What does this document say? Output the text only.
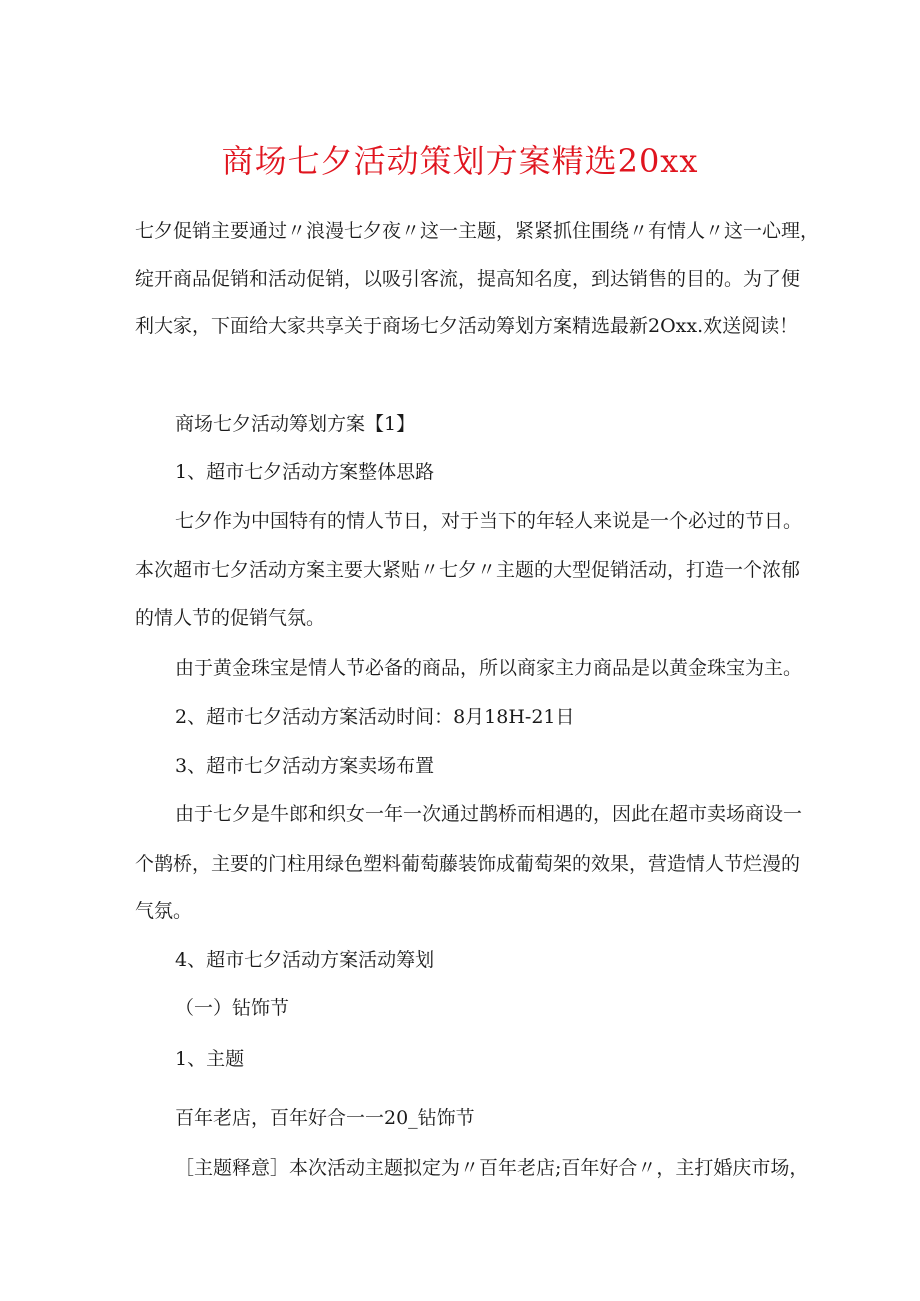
商场七夕活动策划方案精选20xx
七夕促销主要通过〃浪漫七夕夜〃这一主题，紧紧抓住围绕〃有情人〃这一心理，
绽开商品促销和活动促销，以吸引客流，提高知名度，到达销售的目的。为了便
利大家，下面给大家共享关于商场七夕活动筹划方案精选最新2Oxx.欢送阅读！
商场七夕活动筹划方案【1】
1、超市七夕活动方案整体思路
七夕作为中国特有的情人节日，对于当下的年轻人来说是一个必过的节日。
本次超市七夕活动方案主要大紧贴〃七夕〃主题的大型促销活动，打造一个浓郁
的情人节的促销气氛。
由于黄金珠宝是情人节必备的商品，所以商家主力商品是以黄金珠宝为主。
2、超市七夕活动方案活动时间：8月18H-21日
3、超市七夕活动方案卖场布置
由于七夕是牛郎和织女一年一次通过鹊桥而相遇的，因此在超市卖场商设一
个鹊桥，主要的门柱用绿色塑料葡萄藤装饰成葡萄架的效果，营造情人节烂漫的
气氛。
4、超市七夕活动方案活动筹划
（一）钻饰节
1、主题
百年老店，百年好合一一20_钻饰节
［主题释意］本次活动主题拟定为〃百年老店;百年好合〃，主打婚庆市场，
